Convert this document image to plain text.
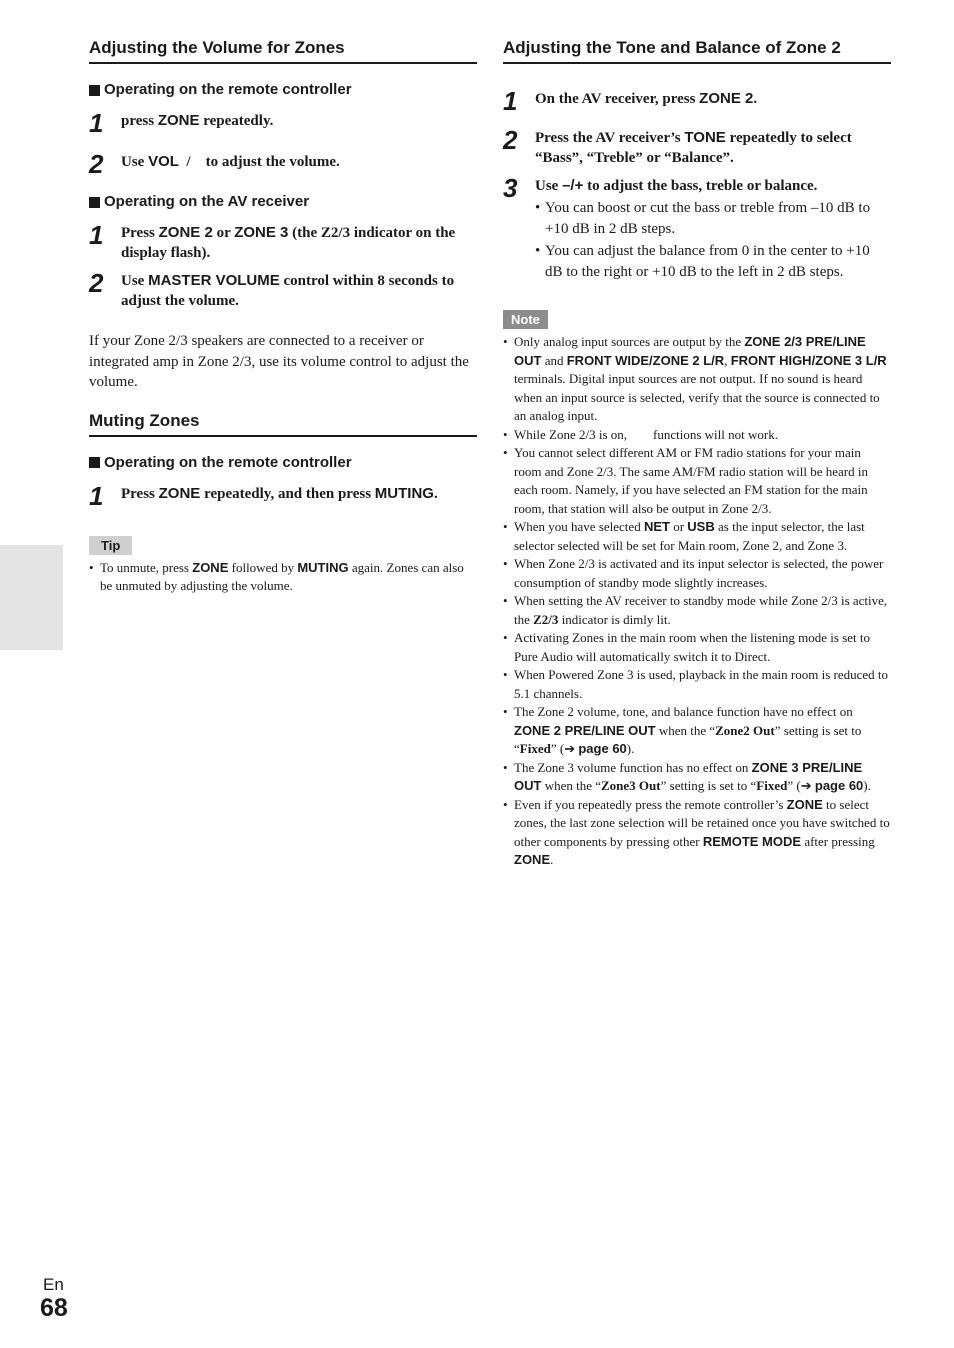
Adjusting the Volume for Zones
Operating on the remote controller
1 press ZONE repeatedly.
2 Use VOL  /    to adjust the volume.
Operating on the AV receiver
1 Press ZONE 2 or ZONE 3 (the Z2/3 indicator on the display flash).
2 Use MASTER VOLUME control within 8 seconds to adjust the volume.
If your Zone 2/3 speakers are connected to a receiver or integrated amp in Zone 2/3, use its volume control to adjust the volume.
Muting Zones
Operating on the remote controller
1 Press ZONE repeatedly, and then press MUTING.
Tip
• To unmute, press ZONE followed by MUTING again. Zones can also be unmuted by adjusting the volume.
Adjusting the Tone and Balance of Zone 2
1 On the AV receiver, press ZONE 2.
2 Press the AV receiver’s TONE repeatedly to select “Bass”, “Treble” or “Balance”.
3 Use –/+ to adjust the bass, treble or balance.
• You can boost or cut the bass or treble from –10 dB to +10 dB in 2 dB steps.
• You can adjust the balance from 0 in the center to +10 dB to the right or +10 dB to the left in 2 dB steps.
Note
• Only analog input sources are output by the ZONE 2/3 PRE/LINE OUT and FRONT WIDE/ZONE 2 L/R, FRONT HIGH/ZONE 3 L/R terminals. Digital input sources are not output. If no sound is heard when an input source is selected, verify that the source is connected to an analog input.
• While Zone 2/3 is on,        functions will not work.
• You cannot select different AM or FM radio stations for your main room and Zone 2/3. The same AM/FM radio station will be heard in each room. Namely, if you have selected an FM station for the main room, that station will also be output in Zone 2/3.
• When you have selected NET or USB as the input selector, the last selector selected will be set for Main room, Zone 2, and Zone 3.
• When Zone 2/3 is activated and its input selector is selected, the power consumption of standby mode slightly increases.
• When setting the AV receiver to standby mode while Zone 2/3 is active, the Z2/3 indicator is dimly lit.
• Activating Zones in the main room when the listening mode is set to Pure Audio will automatically switch it to Direct.
• When Powered Zone 3 is used, playback in the main room is reduced to 5.1 channels.
• The Zone 2 volume, tone, and balance function have no effect on ZONE 2 PRE/LINE OUT when the “Zone2 Out” setting is set to “Fixed” (➔ page 60).
• The Zone 3 volume function has no effect on ZONE 3 PRE/LINE OUT when the “Zone3 Out” setting is set to “Fixed” (➔ page 60).
• Even if you repeatedly press the remote controller’s ZONE to select zones, the last zone selection will be retained once you have switched to other components by pressing other REMOTE MODE after pressing ZONE.
En
68
